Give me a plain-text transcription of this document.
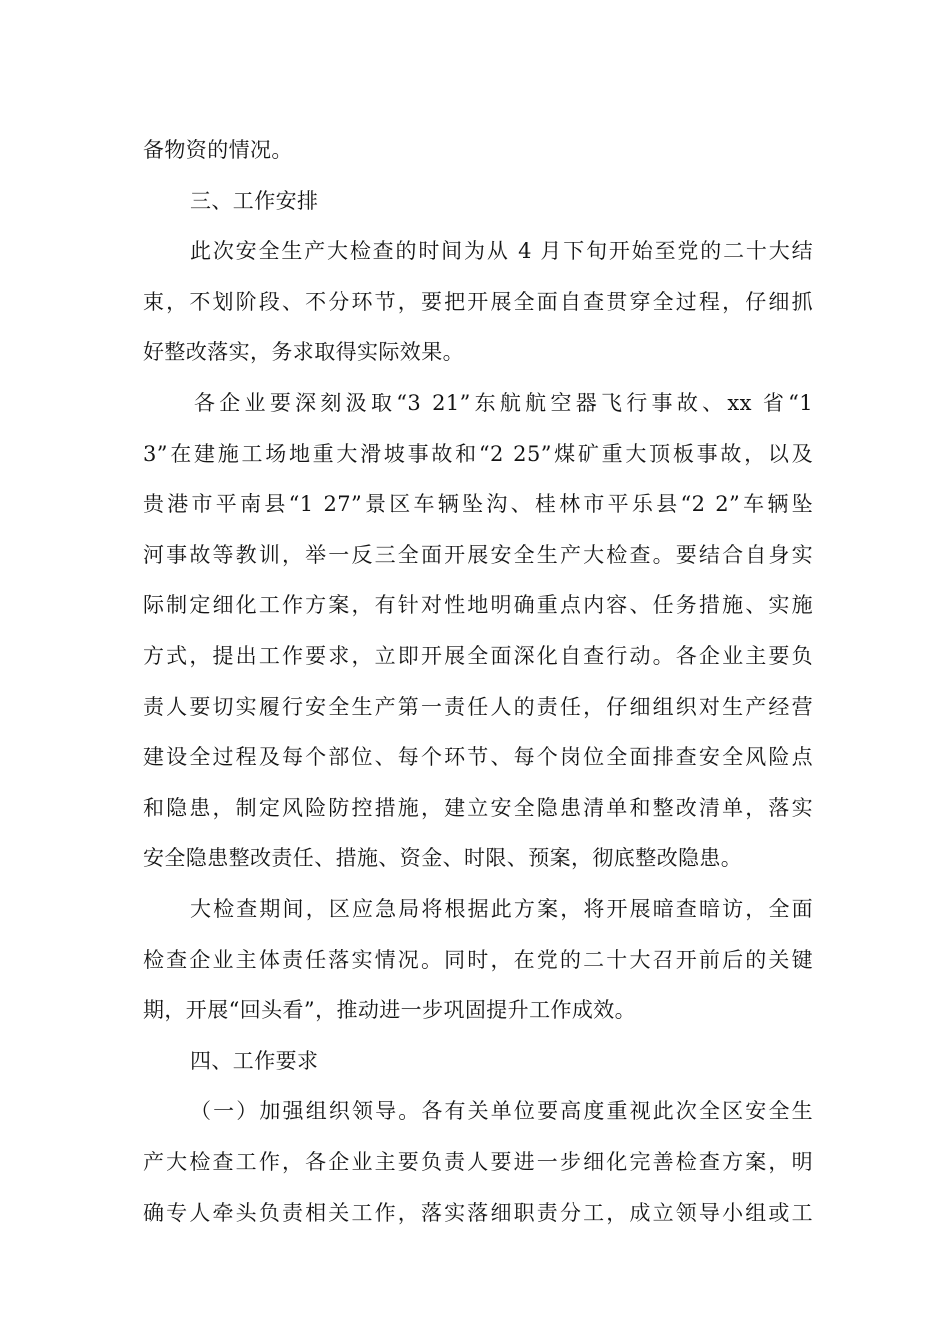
备物资的情况。
三、工作安排
此次安全生产大检查的时间为从 4 月下旬开始至党的二十大结
束，不划阶段、不分环节，要把开展全面自查贯穿全过程，仔细抓
好整改落实，务求取得实际效果。
各企业要深刻汲取“3 21”东航航空器飞行事故、xx 省“1
3”在建施工场地重大滑坡事故和“2 25”煤矿重大顶板事故，以及
贵港市平南县“1 27”景区车辆坠沟、桂林市平乐县“2 2”车辆坠
河事故等教训，举一反三全面开展安全生产大检查。要结合自身实
际制定细化工作方案，有针对性地明确重点内容、任务措施、实施
方式，提出工作要求，立即开展全面深化自查行动。各企业主要负
责人要切实履行安全生产第一责任人的责任，仔细组织对生产经营
建设全过程及每个部位、每个环节、每个岗位全面排查安全风险点
和隐患，制定风险防控措施，建立安全隐患清单和整改清单，落实
安全隐患整改责任、措施、资金、时限、预案，彻底整改隐患。
大检查期间，区应急局将根据此方案，将开展暗查暗访，全面
检查企业主体责任落实情况。同时，在党的二十大召开前后的关键
期，开展“回头看”，推动进一步巩固提升工作成效。
四、工作要求
（一）加强组织领导。各有关单位要高度重视此次全区安全生
产大检查工作，各企业主要负责人要进一步细化完善检查方案，明
确专人牵头负责相关工作，落实落细职责分工，成立领导小组或工
